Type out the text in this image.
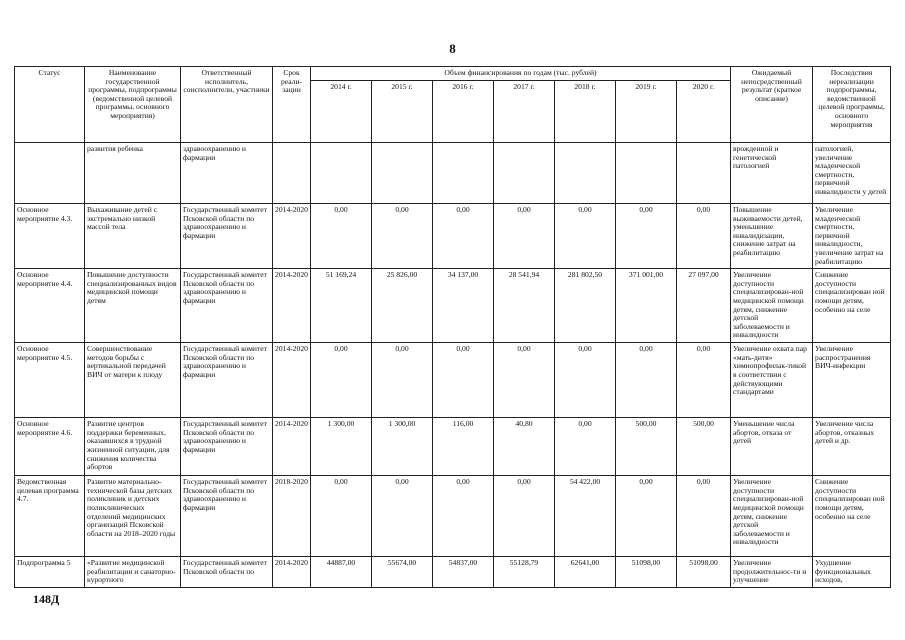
8
Статус	Наименование государственной программы, подпрограммы (ведомственной целевой программы, основного мероприятия)	Ответственный исполнитель, соисполнители, участники	Срок реали-зации	Объем финансирования по годам (тыс. рублей)							Ожидаемый непосредственный результат (краткое описание)	Последствия нереализации подпрограммы, ведомственной целевой программы, основного мероприятия
				2014 г.	2015 г.	2016 г.	2017 г.	2018 г.	2019 г.	2020 г.		
	развития ребенка	здравоохранению и фармации									врожденной и генетической патологией	патологией, увеличение младенческой смертности, первичной инвалидности у детей
Основное мероприятие 4.3.	Выхаживание детей с экстремально низкой массой тела	Государственный комитет Псковской области по здравоохранению и фармации	2014-2020	0,00	0,00	0,00	0,00	0,00	0,00	0,00	Повышение выживаемости детей, уменьшение инвалидизации, снижение затрат на реабилитацию	Увеличение младенческой смертности, первичной инвалидности, увеличение затрат на реабилитацию
Основное мероприятие 4.4.	Повышение доступности специализированных видов медицинской помощи детям	Государственный комитет Псковской области по здравоохранению и фармации	2014-2020	51 169,24	25 826,00	34 137,00	28 541,94	281 802,50	371 001,00	27 097,00	Увеличение доступности специализирован-ной медицинской помощи детям, снижение детской заболеваемости и инвалидности	Снижение доступности специализирован ной помощи детям, особенно на селе
Основное мероприятие 4.5.	Совершенствование методов борьбы с вертикальной передачей ВИЧ от матери к плоду	Государственный комитет Псковской области по здравоохранению и фармации	2014-2020	0,00	0,00	0,00	0,00	0,00	0,00	0,00	Увеличение охвата пар «мать-дитя» химиопрофилак-тикой в соответствии с действующими стандартами	Увеличение распространения ВИЧ-инфекции
Основное мероприятие 4.6.	Развитие центров поддержки беременных, оказавшихся в трудной жизненной ситуации, для снижения количества абортов	Государственный комитет Псковской области по здравоохранению и фармации	2014-2020	1 300,00	1 300,00	116,00	40,80	0,00	500,00	500,00	Уменьшение числа абортов, отказа от детей	Увеличение числа абортов, отказных детей и др.
Ведомственная целевая программа 4.7.	Развитие материально-технической базы детских поликлиник и детских поликлинических отделений медицинских организаций Псковской области на 2018–2020 годы	Государственный комитет Псковской области по здравоохранению и фармации	2018-2020	0,00	0,00	0,00	0,00	54 422,00	0,00	0,00	Увеличение доступности специализирован-ной медицинской помощи детям, снижение детской заболеваемости и инвалидности	Снижение доступности специализирован ной помощи детям, особенно на селе
Подпрограмма 5	«Развитие медицинской реабилитации и санаторно-курортного	Государственный комитет Псковской области по	2014-2020	44887,00	55674,00	54837,00	55128,79	62641,00	51098,00	51098,00	Увеличение продолжительнос-ти и улучшение	Ухудшение функциональных исходов,
148Д
